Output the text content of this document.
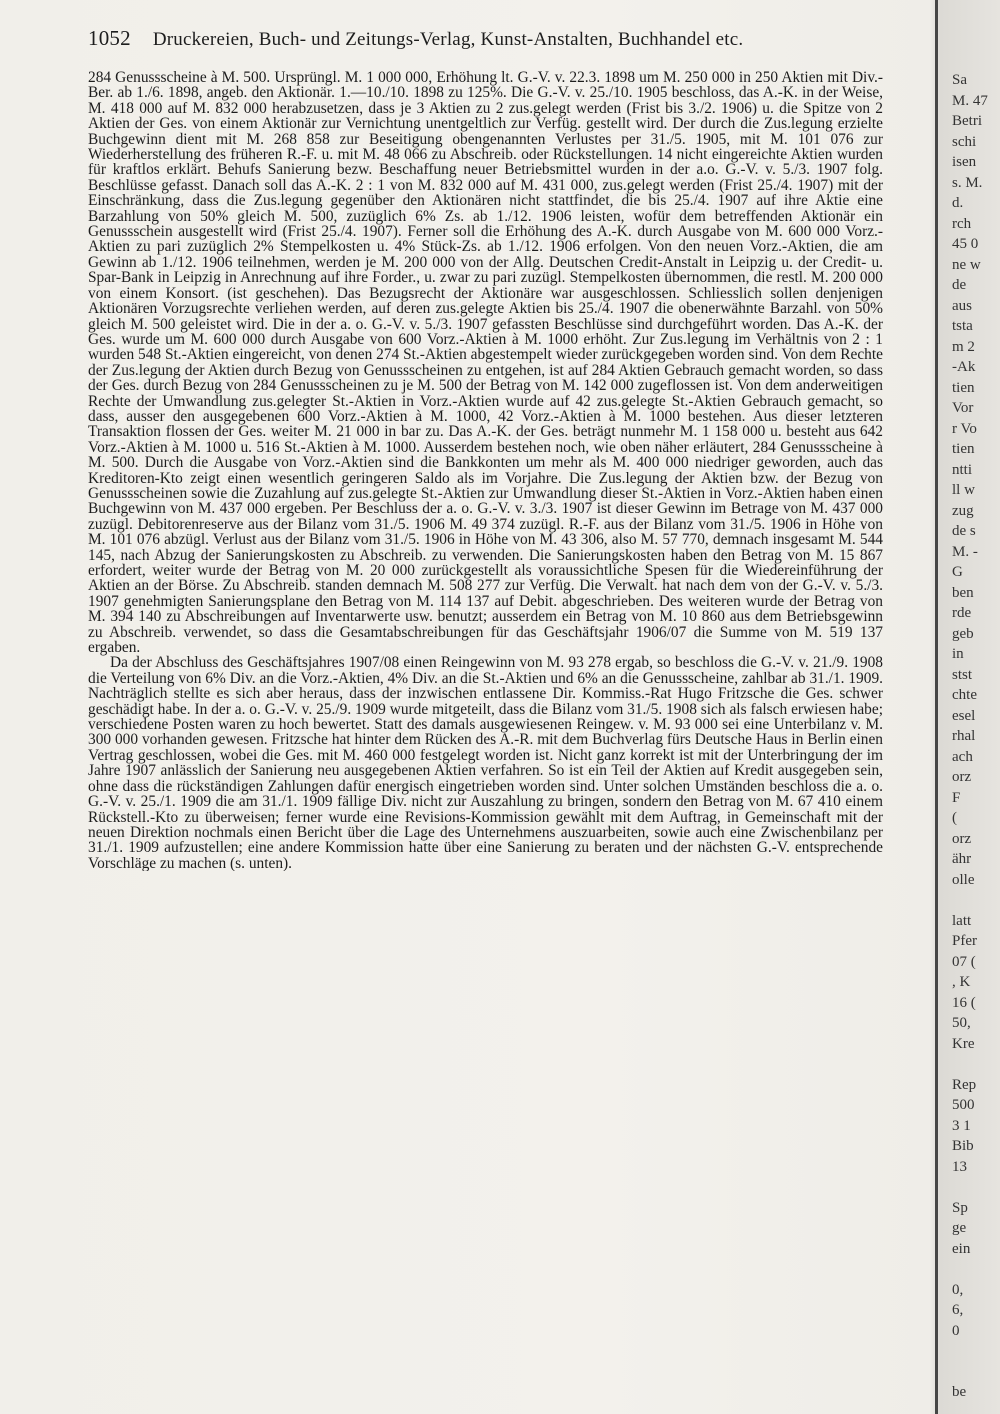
1052 Druckereien, Buch- und Zeitungs-Verlag, Kunst-Anstalten, Buchhandel etc.

284 Genussscheine à M. 500. Ursprüngl. M. 1 000 000, Erhöhung lt. G.-V. v. 22.3. 1898 um M. 250 000 in 250 Aktien mit Div.-Ber. ab 1./6. 1898, angeb. den Aktionär. 1.—10./10. 1898 zu 125%. Die G.-V. v. 25./10. 1905 beschloss, das A.-K. in der Weise, M. 418 000 auf M. 832 000 herabzusetzen, dass je 3 Aktien zu 2 zus.gelegt werden (Frist bis 3./2. 1906) u. die Spitze von 2 Aktien der Ges. von einem Aktionär zur Vernichtung unentgeltlich zur Verfüg. gestellt wird. Der durch die Zus.legung erzielte Buchgewinn dient mit M. 268 858 zur Beseitigung obengenannten Verlustes per 31./5. 1905, mit M. 101 076 zur Wiederherstellung des früheren R.-F. u. mit M. 48 066 zu Abschreib. oder Rückstellungen. 14 nicht eingereichte Aktien wurden für kraftlos erklärt. Behufs Sanierung bezw. Beschaffung neuer Betriebsmittel wurden in der a.o. G.-V. v. 5./3. 1907 folg. Beschlüsse gefasst. Danach soll das A.-K. 2 : 1 von M. 832 000 auf M. 431 000, zus.gelegt werden (Frist 25./4. 1907) mit der Einschränkung, dass die Zus.legung gegenüber den Aktionären nicht stattfindet, die bis 25./4. 1907 auf ihre Aktie eine Barzahlung von 50% gleich M. 500, zuzüglich 6% Zs. ab 1./12. 1906 leisten, wofür dem betreffenden Aktionär ein Genussschein ausgestellt wird (Frist 25./4. 1907). Ferner soll die Erhöhung des A.-K. durch Ausgabe von M. 600 000 Vorz.-Aktien zu pari zuzüglich 2% Stempelkosten u. 4% Stück-Zs. ab 1./12. 1906 erfolgen. Von den neuen Vorz.-Aktien, die am Gewinn ab 1./12. 1906 teilnehmen, werden je M. 200 000 von der Allg. Deutschen Credit-Anstalt in Leipzig u. der Credit- u. Spar-Bank in Leipzig in Anrechnung auf ihre Forder., u. zwar zu pari zuzügl. Stempelkosten übernommen, die restl. M. 200 000 von einem Konsort. (ist geschehen). Das Bezugsrecht der Aktionäre war ausgeschlossen. Schliesslich sollen denjenigen Aktionären Vorzugsrechte verliehen werden, auf deren zus.gelegte Aktien bis 25./4. 1907 die obenerwähnte Barzahl. von 50% gleich M. 500 geleistet wird. Die in der a. o. G.-V. v. 5./3. 1907 gefassten Beschlüsse sind durchgeführt worden. Das A.-K. der Ges. wurde um M. 600 000 durch Ausgabe von 600 Vorz.-Aktien à M. 1000 erhöht. Zur Zus.legung im Verhältnis von 2 : 1 wurden 548 St.-Aktien eingereicht, von denen 274 St.-Aktien abgestempelt wieder zurückgegeben worden sind. Von dem Rechte der Zus.legung der Aktien durch Bezug von Genussscheinen zu entgehen, ist auf 284 Aktien Gebrauch gemacht worden, so dass der Ges. durch Bezug von 284 Genussscheinen zu je M. 500 der Betrag von M. 142 000 zugeflossen ist. Von dem anderweitigen Rechte der Umwandlung zus.gelegter St.-Aktien in Vorz.-Aktien wurde auf 42 zus.gelegte St.-Aktien Gebrauch gemacht, so dass, ausser den ausgegebenen 600 Vorz.-Aktien à M. 1000, 42 Vorz.-Aktien à M. 1000 bestehen. Aus dieser letzteren Transaktion flossen der Ges. weiter M. 21 000 in bar zu. Das A.-K. der Ges. beträgt nunmehr M. 1 158 000 u. besteht aus 642 Vorz.-Aktien à M. 1000 u. 516 St.-Aktien à M. 1000. Ausserdem bestehen noch, wie oben näher erläutert, 284 Genussscheine à M. 500. Durch die Ausgabe von Vorz.-Aktien sind die Bankkonten um mehr als M. 400 000 niedriger geworden, auch das Kreditoren-Kto zeigt einen wesentlich geringeren Saldo als im Vorjahre. Die Zus.legung der Aktien bzw. der Bezug von Genussscheinen sowie die Zuzahlung auf zus.gelegte St.-Aktien zur Umwandlung dieser St.-Aktien in Vorz.-Aktien haben einen Buchgewinn von M. 437 000 ergeben. Per Beschluss der a. o. G.-V. v. 3./3. 1907 ist dieser Gewinn im Betrage von M. 437 000 zuzügl. Debitorenreserve aus der Bilanz vom 31./5. 1906 M. 49 374 zuzügl. R.-F. aus der Bilanz vom 31./5. 1906 in Höhe von M. 101 076 abzügl. Verlust aus der Bilanz vom 31./5. 1906 in Höhe von M. 43 306, also M. 57 770, demnach insgesamt M. 544 145, nach Abzug der Sanierungskosten zu Abschreib. zu verwenden. Die Sanierungskosten haben den Betrag von M. 15 867 erfordert, weiter wurde der Betrag von M. 20 000 zurückgestellt als voraussichtliche Spesen für die Wiedereinführung der Aktien an der Börse. Zu Abschreib. standen demnach M. 508 277 zur Verfüg. Die Verwalt. hat nach dem von der G.-V. v. 5./3. 1907 genehmigten Sanierungsplane den Betrag von M. 114 137 auf Debit. abgeschrieben. Des weiteren wurde der Betrag von M. 394 140 zu Abschreibungen auf Inventarwerte usw. benutzt; ausserdem ein Betrag von M. 10 860 aus dem Betriebsgewinn zu Abschreib. verwendet, so dass die Gesamtabschreibungen für das Geschäftsjahr 1906/07 die Summe von M. 519 137 ergaben.

Da der Abschluss des Geschäftsjahres 1907/08 einen Reingewinn von M. 93 278 ergab, so beschloss die G.-V. v. 21./9. 1908 die Verteilung von 6% Div. an die Vorz.-Aktien, 4% Div. an die St.-Aktien und 6% an die Genussscheine, zahlbar ab 31./1. 1909. Nachträglich stellte es sich aber heraus, dass der inzwischen entlassene Dir. Kommiss.-Rat Hugo Fritzsche die Ges. schwer geschädigt habe. In der a. o. G.-V. v. 25./9. 1909 wurde mitgeteilt, dass die Bilanz vom 31./5. 1908 sich als falsch erwiesen habe; verschiedene Posten waren zu hoch bewertet. Statt des damals ausgewiesenen Reingew. v. M. 93 000 sei eine Unterbilanz v. M. 300 000 vorhanden gewesen. Fritzsche hat hinter dem Rücken des A.-R. mit dem Buchverlag fürs Deutsche Haus in Berlin einen Vertrag geschlossen, wobei die Ges. mit M. 460 000 festgelegt worden ist. Nicht ganz korrekt ist mit der Unterbringung der im Jahre 1907 anlässlich der Sanierung neu ausgegebenen Aktien verfahren. So ist ein Teil der Aktien auf Kredit ausgegeben sein, ohne dass die rückständigen Zahlungen dafür energisch eingetrieben worden sind. Unter solchen Umständen beschloss die a. o. G.-V. v. 25./1. 1909 die am 31./1. 1909 fällige Div. nicht zur Auszahlung zu bringen, sondern den Betrag von M. 67 410 einem Rückstell.-Kto zu überweisen; ferner wurde eine Revisions-Kommission gewählt mit dem Auftrag, in Gemeinschaft mit der neuen Direktion nochmals einen Bericht über die Lage des Unternehmens auszuarbeiten, sowie auch eine Zwischenbilanz per 31./1. 1909 aufzustellen; eine andere Kommission hatte über eine Sanierung zu beraten und der nächsten G.-V. entsprechende Vorschläge zu machen (s. unten).

Sa
M. 47
Betri
schi
isen
s. M.
d.
rch
45 0
ne w
de
aus
tsta
m 2
-Ak
tien
Vor
r Vo
tien
ntti
ll w
zug
de s
M. -
G
ben
rde
geb
in
stst
chte
esel
rhal
ach
orz
F
(
orz
ähr
olle
latt
Pfer
07 (
, K
16 (
50,
Kre
Rep
500
3 1
Bib
13
Sp
ge
ein
0,
6,
0
be
